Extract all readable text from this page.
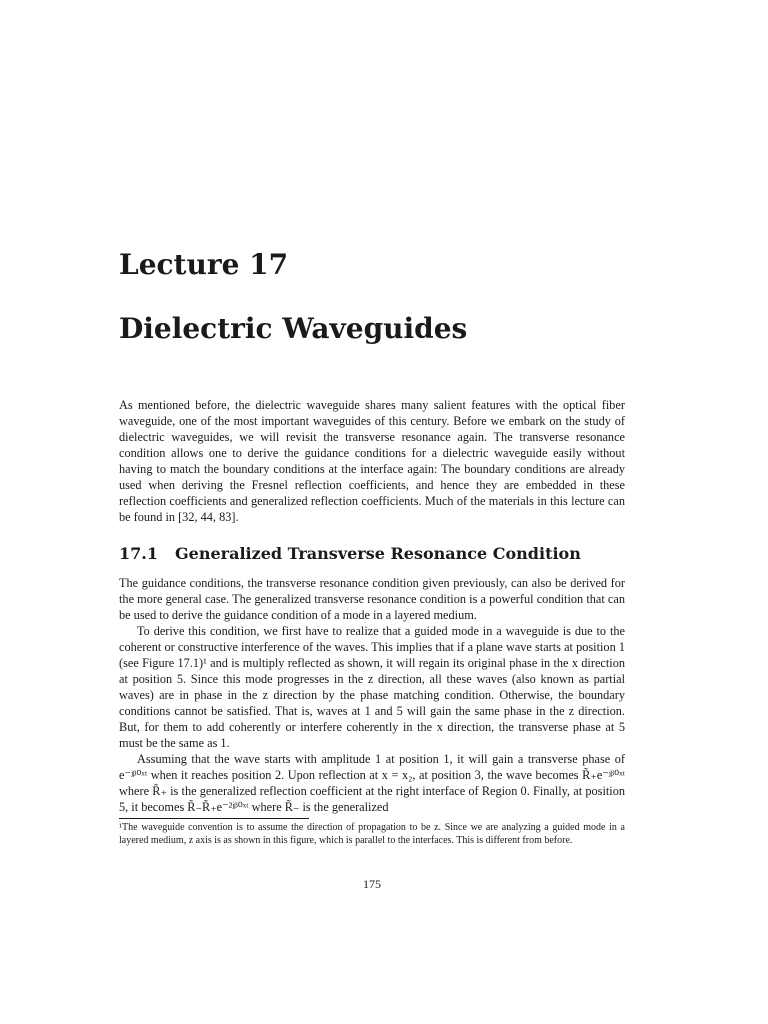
Lecture 17
Dielectric Waveguides

As mentioned before, the dielectric waveguide shares many salient features with the optical fiber waveguide, one of the most important waveguides of this century. Before we embark on the study of dielectric waveguides, we will revisit the transverse resonance again. The transverse resonance condition allows one to derive the guidance conditions for a dielectric waveguide easily without having to match the boundary conditions at the interface again: The boundary conditions are already used when deriving the Fresnel reflection coefficients, and hence they are embedded in these reflection coefficients and generalized reflection coefficients. Much of the materials in this lecture can be found in [32, 44, 83].

17.1 Generalized Transverse Resonance Condition

The guidance conditions, the transverse resonance condition given previously, can also be derived for the more general case. The generalized transverse resonance condition is a powerful condition that can be used to derive the guidance condition of a mode in a layered medium.

To derive this condition, we first have to realize that a guided mode in a waveguide is due to the coherent or constructive interference of the waves. This implies that if a plane wave starts at position 1 (see Figure 17.1)¹ and is multiply reflected as shown, it will regain its original phase in the x direction at position 5. Since this mode progresses in the z direction, all these waves (also known as partial waves) are in phase in the z direction by the phase matching condition. Otherwise, the boundary conditions cannot be satisfied. That is, waves at 1 and 5 will gain the same phase in the z direction. But, for them to add coherently or interfere coherently in the x direction, the transverse phase at 5 must be the same as 1.

Assuming that the wave starts with amplitude 1 at position 1, it will gain a transverse phase of e⁻ʲᵝ⁰ˣᵗ when it reaches position 2. Upon reflection at x = x₂, at position 3, the wave becomes R̃₊e⁻ʲᵝ⁰ˣᵗ where R̃₊ is the generalized reflection coefficient at the right interface of Region 0. Finally, at position 5, it becomes R̃₋R̃₊e⁻²ʲᵝ⁰ˣᵗ where R̃₋ is the generalized

¹The waveguide convention is to assume the direction of propagation to be z. Since we are analyzing a guided mode in a layered medium, z axis is as shown in this figure, which is parallel to the interfaces. This is different from before.

175
